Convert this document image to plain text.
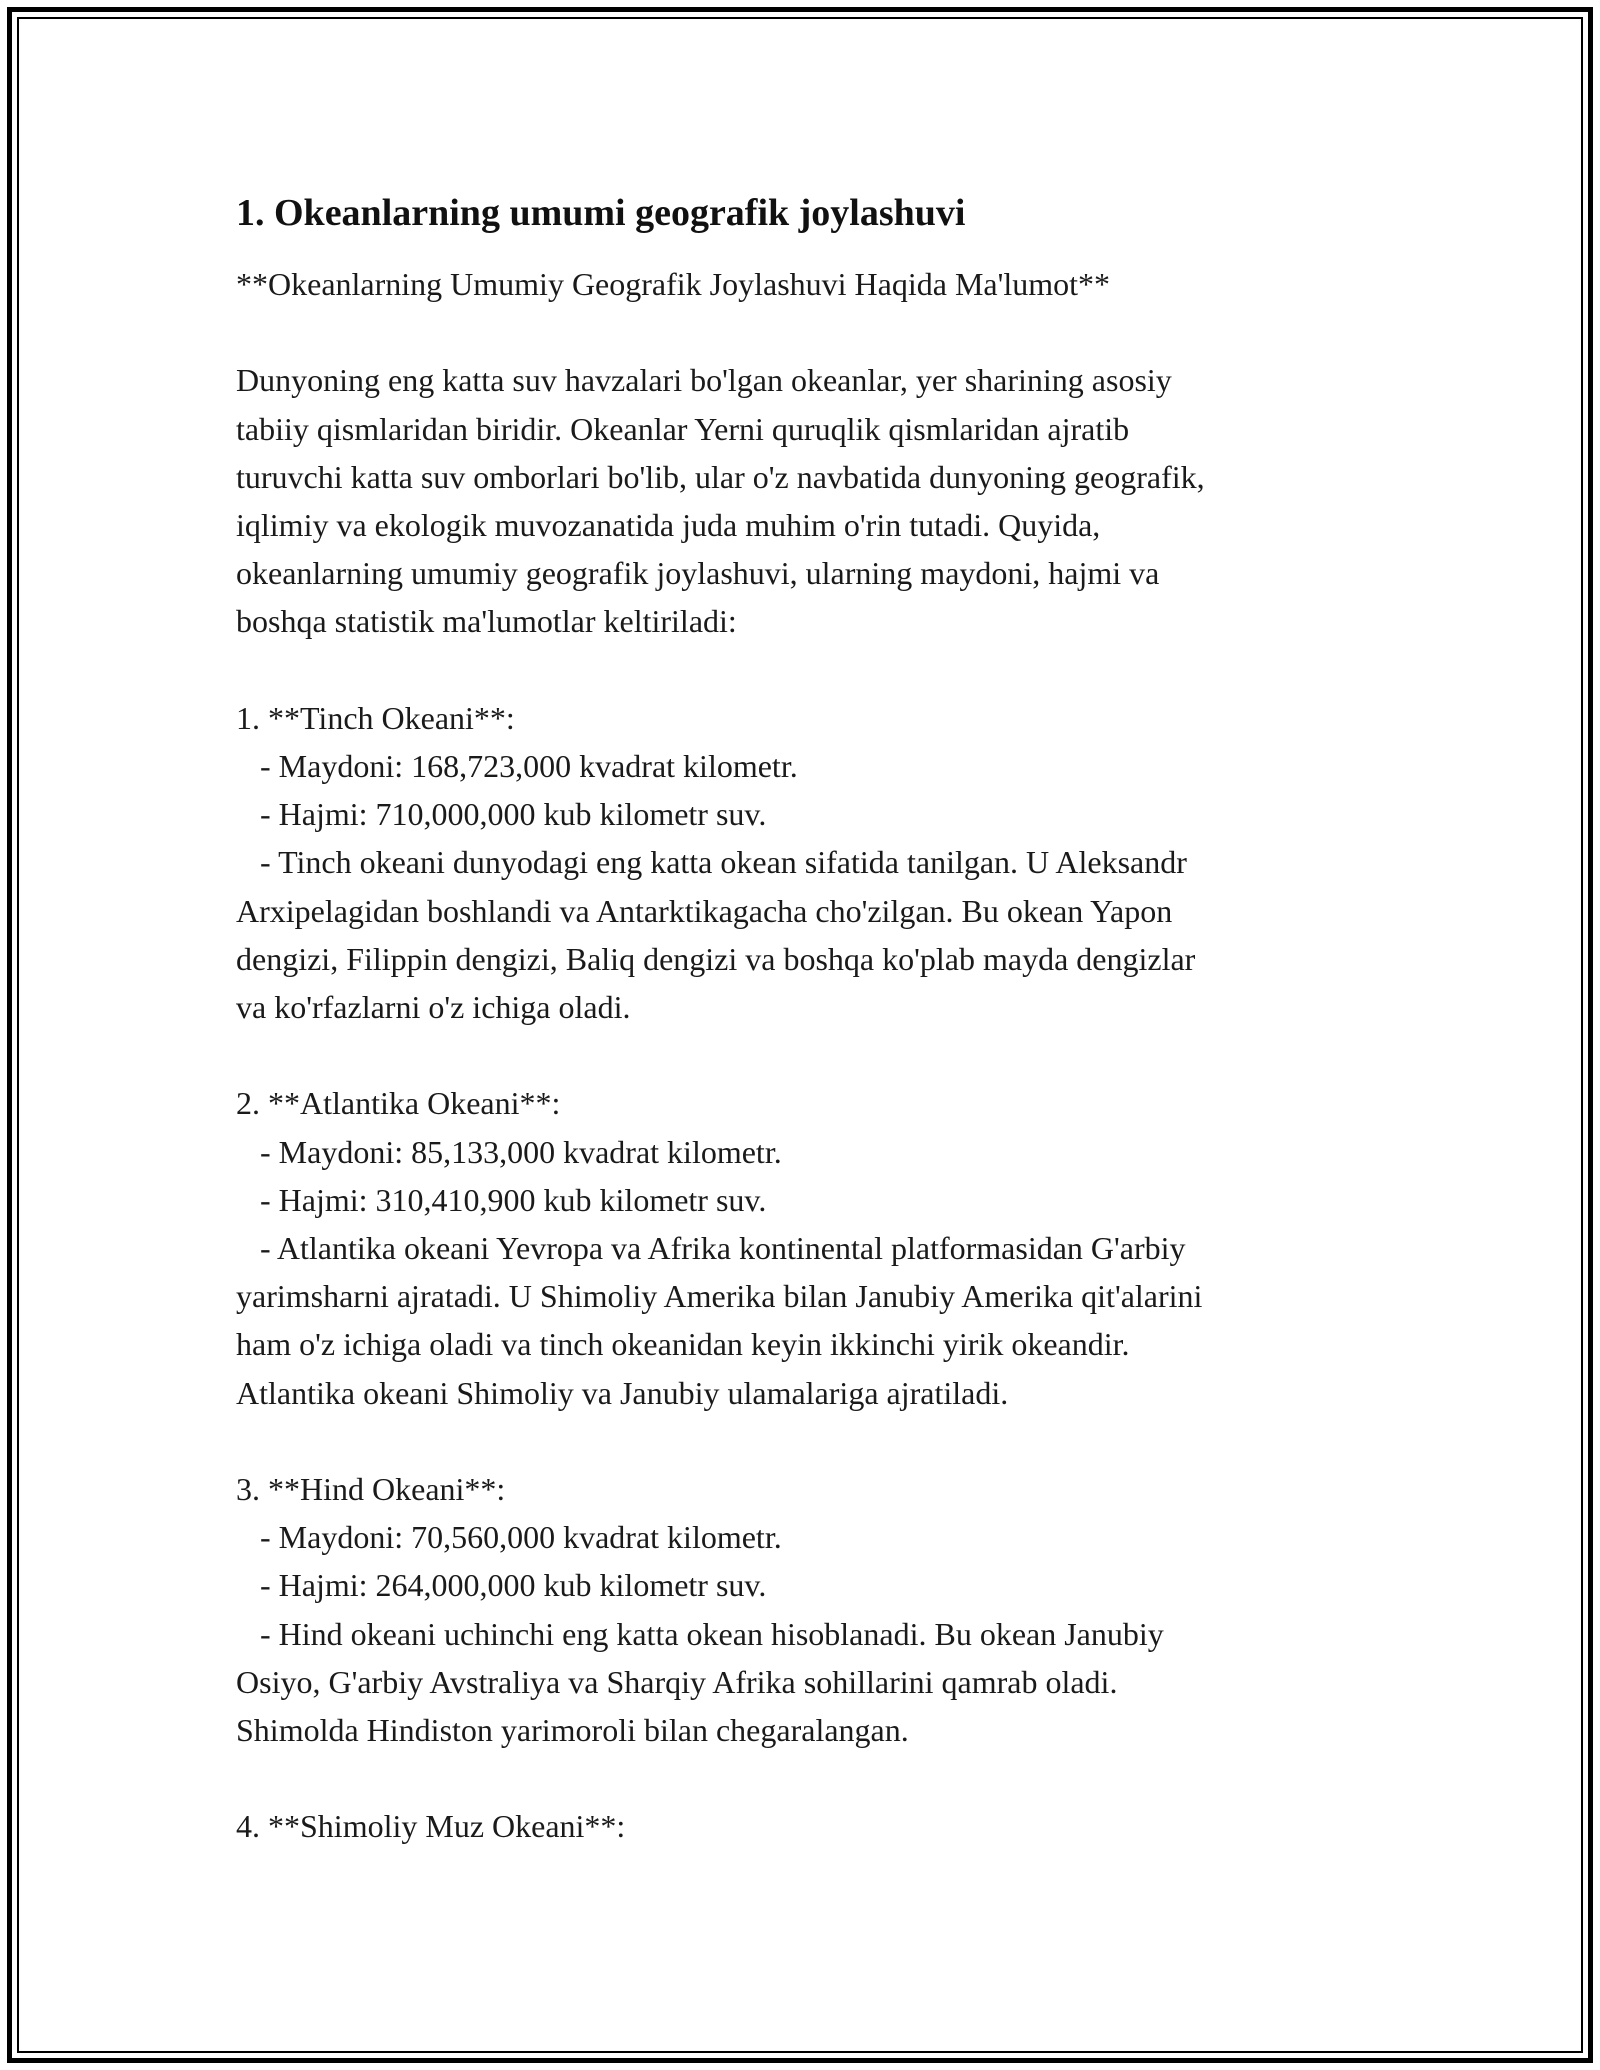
1. Okeanlarning umumi geografik joylashuvi

**Okeanlarning Umumiy Geografik Joylashuvi Haqida Ma'lumot**

Dunyoning eng katta suv havzalari bo'lgan okeanlar, yer sharining asosiy

tabiiy qismlaridan biridir. Okeanlar Yerni quruqlik qismlaridan ajratib

turuvchi katta suv omborlari bo'lib, ular o'z navbatida dunyoning geografik,

iqlimiy va ekologik muvozanatida juda muhim o'rin tutadi. Quyida,

okeanlarning umumiy geografik joylashuvi, ularning maydoni, hajmi va

boshqa statistik ma'lumotlar keltiriladi:

1. **Tinch Okeani**:

- Maydoni: 168,723,000 kvadrat kilometr.

- Hajmi: 710,000,000 kub kilometr suv.

- Tinch okeani dunyodagi eng katta okean sifatida tanilgan. U Aleksandr

Arxipelagidan boshlandi va Antarktikagacha cho'zilgan. Bu okean Yapon

dengizi, Filippin dengizi, Baliq dengizi va boshqa ko'plab mayda dengizlar

va ko'rfazlarni o'z ichiga oladi.

2. **Atlantika Okeani**:

- Maydoni: 85,133,000 kvadrat kilometr.

- Hajmi: 310,410,900 kub kilometr suv.

- Atlantika okeani Yevropa va Afrika kontinental platformasidan G'arbiy

yarimsharni ajratadi. U Shimoliy Amerika bilan Janubiy Amerika qit'alarini

ham o'z ichiga oladi va tinch okeanidan keyin ikkinchi yirik okeandir.

Atlantika okeani Shimoliy va Janubiy ulamalariga ajratiladi.

3. **Hind Okeani**:

- Maydoni: 70,560,000 kvadrat kilometr.

- Hajmi: 264,000,000 kub kilometr suv.

- Hind okeani uchinchi eng katta okean hisoblanadi. Bu okean Janubiy

Osiyo, G'arbiy Avstraliya va Sharqiy Afrika sohillarini qamrab oladi.

Shimolda Hindiston yarimoroli bilan chegaralangan.

4. **Shimoliy Muz Okeani**:
